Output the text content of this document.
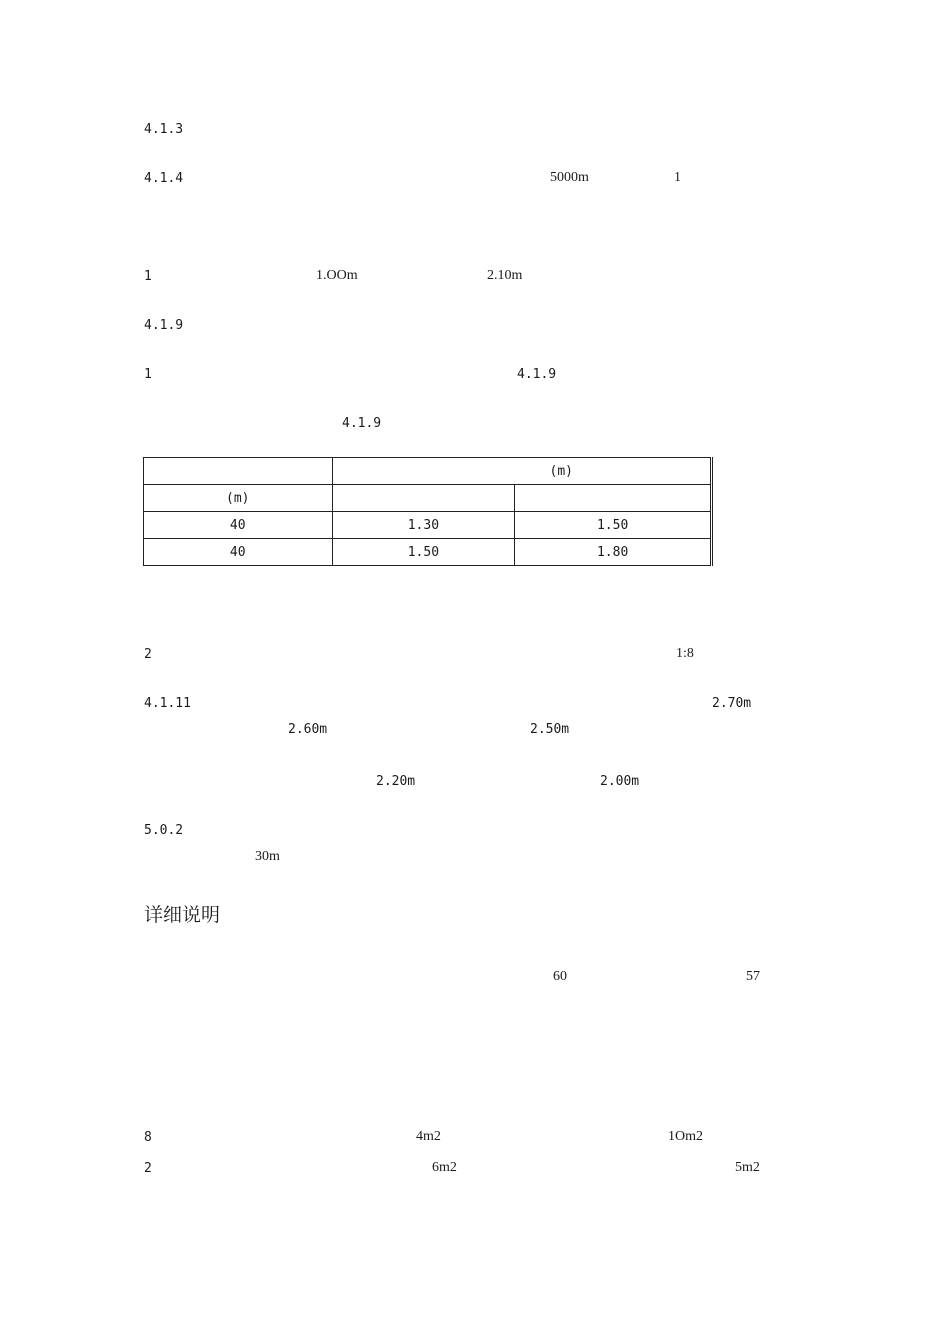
4.1.3
4.1.4	5000m	1
1	1.OOm	2.10m
4.1.9
1	4.1.9
4.1.9
	(m)	
(m)		
40	1.30	1.50
40	1.50	1.80
2	1:8
4.1.11	2.70m
2.60m	2.50m
2.20m	2.00m
5.0.2
30m
详细说明
60	57
8	4m2	1Om2
2	6m2	5m2
